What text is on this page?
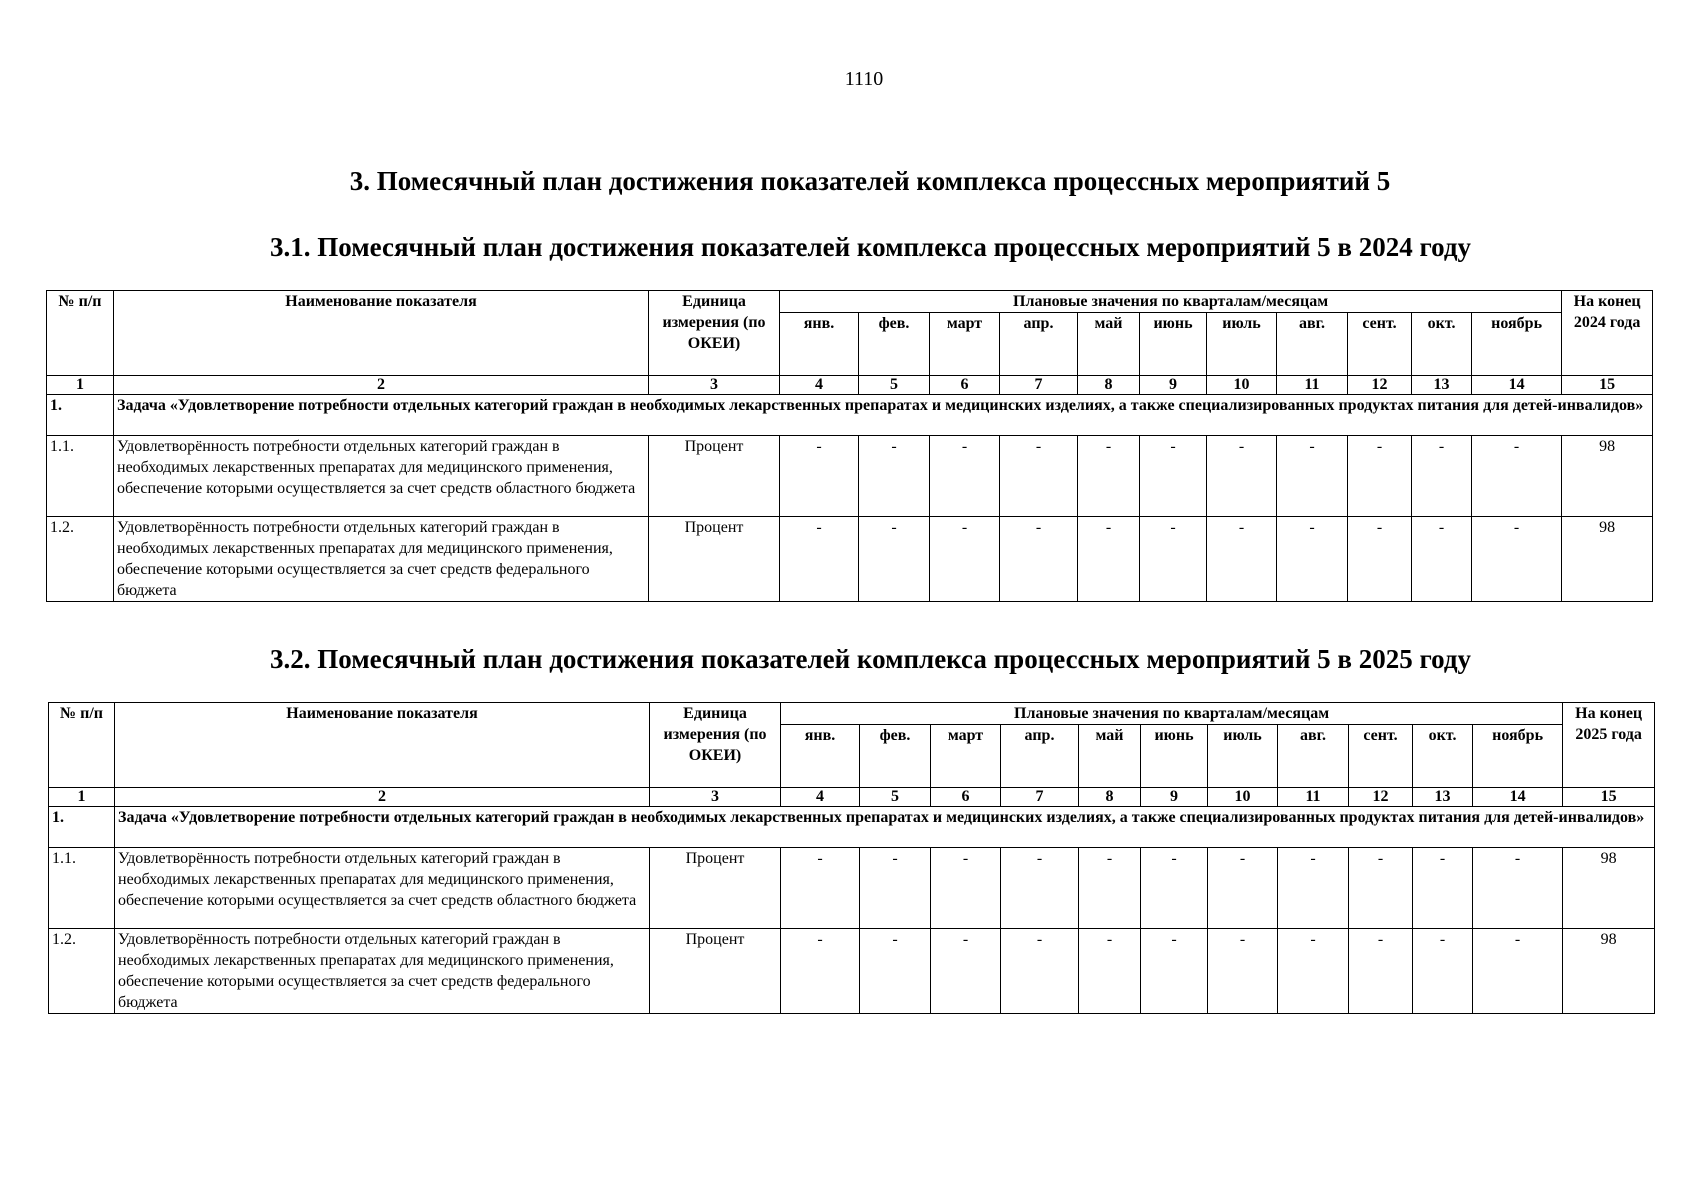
1110
3. Помесячный план достижения показателей комплекса процессных мероприятий 5
3.1. Помесячный план достижения показателей комплекса процессных мероприятий 5 в 2024 году
№ п/п	Наименование показателя	Единица измерения (по ОКЕИ)	Плановые значения по кварталам/месяцам											На конец 2024 года
			янв.	фев.	март	апр.	май	июнь	июль	авг.	сент.	окт.	ноябрь	
1	2	3	4	5	6	7	8	9	10	11	12	13	14	15
1.	Задача «Удовлетворение потребности отдельных категорий граждан в необходимых лекарственных препаратах и медицинских изделиях, а также специализированных продуктах питания для детей-инвалидов»													
1.1.	Удовлетворённость потребности отдельных категорий граждан в необходимых лекарственных препаратах для медицинского применения, обеспечение которыми осуществляется за счет средств областного бюджета	Процент	-	-	-	-	-	-	-	-	-	-	-	98
1.2.	Удовлетворённость потребности отдельных категорий граждан в необходимых лекарственных препаратах для медицинского применения, обеспечение которыми осуществляется за счет средств федерального бюджета	Процент	-	-	-	-	-	-	-	-	-	-	-	98
3.2. Помесячный план достижения показателей комплекса процессных мероприятий 5 в 2025 году
№ п/п	Наименование показателя	Единица измерения (по ОКЕИ)	Плановые значения по кварталам/месяцам											На конец 2025 года
			янв.	фев.	март	апр.	май	июнь	июль	авг.	сент.	окт.	ноябрь	
1	2	3	4	5	6	7	8	9	10	11	12	13	14	15
1.	Задача «Удовлетворение потребности отдельных категорий граждан в необходимых лекарственных препаратах и медицинских изделиях, а также специализированных продуктах питания для детей-инвалидов»													
1.1.	Удовлетворённость потребности отдельных категорий граждан в необходимых лекарственных препаратах для медицинского применения, обеспечение которыми осуществляется за счет средств областного бюджета	Процент	-	-	-	-	-	-	-	-	-	-	-	98
1.2.	Удовлетворённость потребности отдельных категорий граждан в необходимых лекарственных препаратах для медицинского применения, обеспечение которыми осуществляется за счет средств федерального бюджета	Процент	-	-	-	-	-	-	-	-	-	-	-	98
